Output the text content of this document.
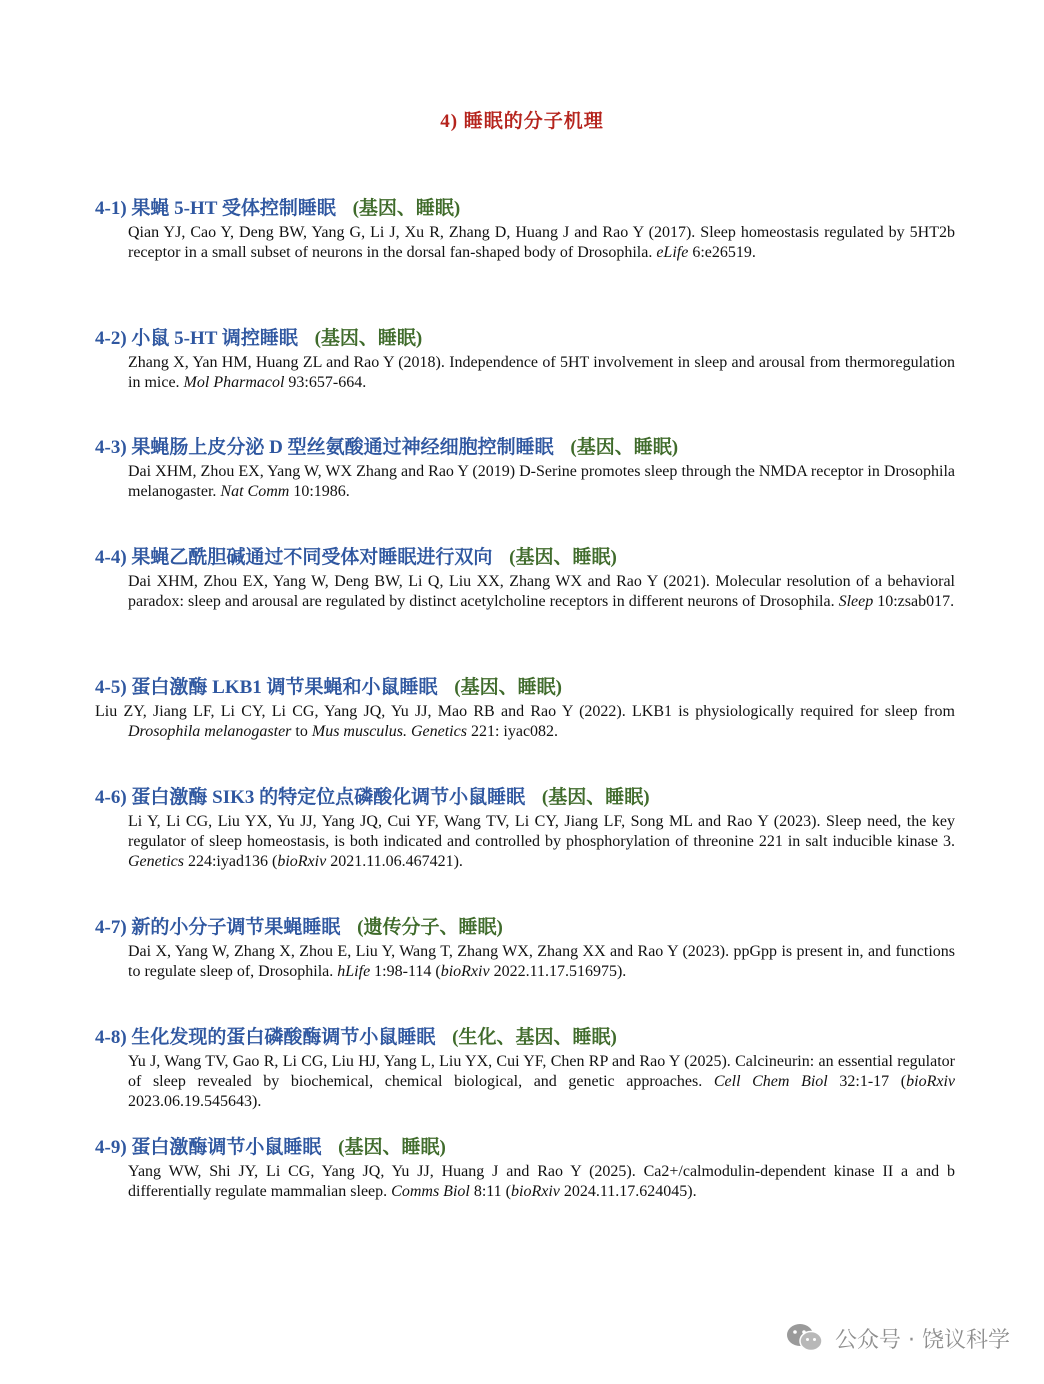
4) 睡眠的分子机理
4-1) 果蝇 5-HT 受体控制睡眠 (基因、睡眠)
Qian YJ, Cao Y, Deng BW, Yang G, Li J, Xu R, Zhang D, Huang J and Rao Y (2017). Sleep homeostasis regulated by 5HT2b receptor in a small subset of neurons in the dorsal fan-shaped body of Drosophila. eLife 6:e26519.
4-2) 小鼠 5-HT 调控睡眠 (基因、睡眠)
Zhang X, Yan HM, Huang ZL and Rao Y (2018). Independence of 5HT involvement in sleep and arousal from thermoregulation in mice. Mol Pharmacol 93:657-664.
4-3) 果蝇肠上皮分泌 D 型丝氨酸通过神经细胞控制睡眠 (基因、睡眠)
Dai XHM, Zhou EX, Yang W, WX Zhang and Rao Y (2019) D-Serine promotes sleep through the NMDA receptor in Drosophila melanogaster. Nat Comm 10:1986.
4-4) 果蝇乙酰胆碱通过不同受体对睡眠进行双向 (基因、睡眠)
Dai XHM, Zhou EX, Yang W, Deng BW, Li Q, Liu XX, Zhang WX and Rao Y (2021). Molecular resolution of a behavioral paradox: sleep and arousal are regulated by distinct acetylcholine receptors in different neurons of Drosophila. Sleep 10:zsab017.
4-5) 蛋白激酶 LKB1 调节果蝇和小鼠睡眠 (基因、睡眠)
Liu ZY, Jiang LF, Li CY, Li CG, Yang JQ, Yu JJ, Mao RB and Rao Y (2022). LKB1 is physiologically required for sleep from Drosophila melanogaster to Mus musculus. Genetics 221: iyac082.
4-6) 蛋白激酶 SIK3 的特定位点磷酸化调节小鼠睡眠 (基因、睡眠)
Li Y, Li CG, Liu YX, Yu JJ, Yang JQ, Cui YF, Wang TV, Li CY, Jiang LF, Song ML and Rao Y (2023). Sleep need, the key regulator of sleep homeostasis, is both indicated and controlled by phosphorylation of threonine 221 in salt inducible kinase 3. Genetics 224:iyad136 (bioRxiv 2021.11.06.467421).
4-7) 新的小分子调节果蝇睡眠 (遗传分子、睡眠)
Dai X, Yang W, Zhang X, Zhou E, Liu Y, Wang T, Zhang WX, Zhang XX and Rao Y (2023). ppGpp is present in, and functions to regulate sleep of, Drosophila. hLife 1:98-114 (bioRxiv 2022.11.17.516975).
4-8) 生化发现的蛋白磷酸酶调节小鼠睡眠 (生化、基因、睡眠)
Yu J, Wang TV, Gao R, Li CG, Liu HJ, Yang L, Liu YX, Cui YF, Chen RP and Rao Y (2025). Calcineurin: an essential regulator of sleep revealed by biochemical, chemical biological, and genetic approaches. Cell Chem Biol 32:1-17 (bioRxiv 2023.06.19.545643).
4-9) 蛋白激酶调节小鼠睡眠 (基因、睡眠)
Yang WW, Shi JY, Li CG, Yang JQ, Yu JJ, Huang J and Rao Y (2025). Ca2+/calmodulin-dependent kinase II a and b differentially regulate mammalian sleep. Comms Biol 8:11 (bioRxiv 2024.11.17.624045).
公众号 · 饶议科学
